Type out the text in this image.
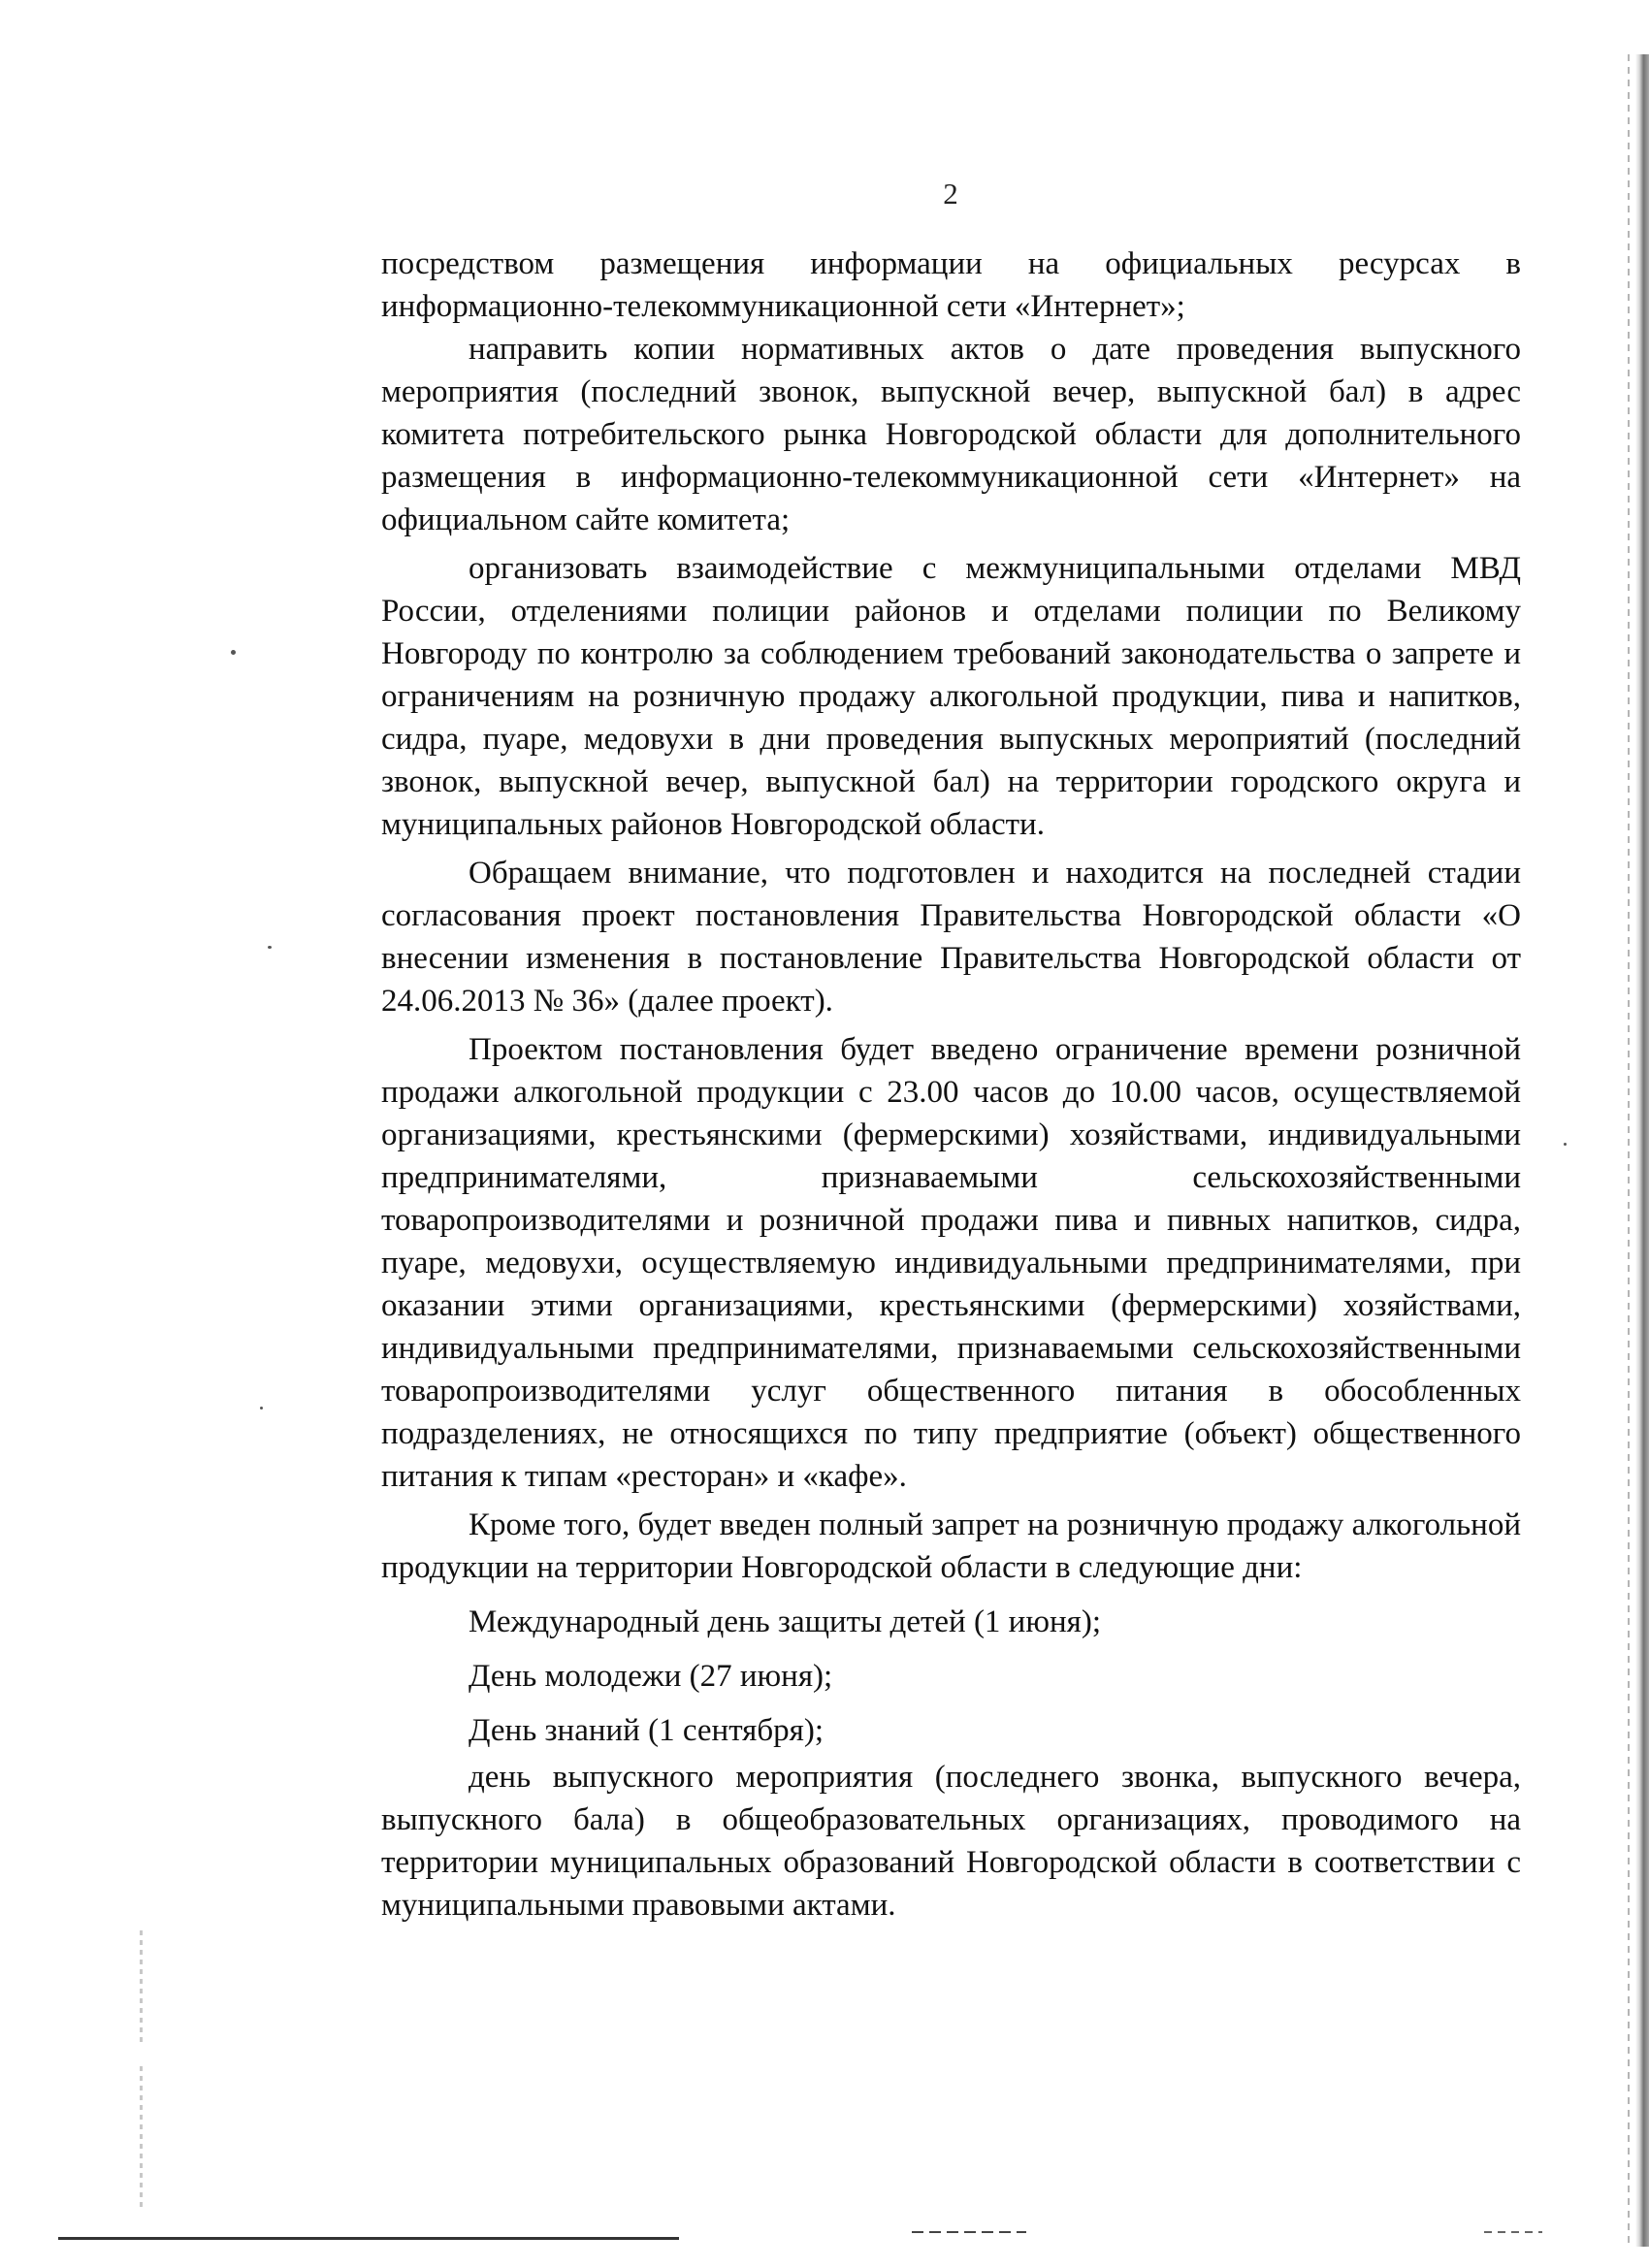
2

посредством размещения информации на официальных ресурсах в информационно-телекоммуникационной сети «Интернет»;

направить копии нормативных актов о дате проведения выпускного мероприятия (последний звонок, выпускной вечер, выпускной бал) в адрес комитета потребительского рынка Новгородской области для дополнительного размещения в информационно-телекоммуникационной сети «Интернет» на официальном сайте комитета;

организовать взаимодействие с межмуниципальными отделами МВД России, отделениями полиции районов и отделами полиции по Великому Новгороду по контролю за соблюдением требований законодательства о запрете и ограничениям на розничную продажу алкогольной продукции, пива и напитков, сидра, пуаре, медовухи в дни проведения выпускных мероприятий (последний звонок, выпускной вечер, выпускной бал) на территории городского округа и муниципальных районов Новгородской области.

Обращаем внимание, что подготовлен и находится на последней стадии согласования проект постановления Правительства Новгородской области «О внесении изменения в постановление Правительства Новгородской области от 24.06.2013 № 36» (далее проект).

Проектом постановления будет введено ограничение времени розничной продажи алкогольной продукции с 23.00 часов до 10.00 часов, осуществляемой организациями, крестьянскими (фермерскими) хозяйствами, индивидуальными предпринимателями, признаваемыми сельскохозяйственными товаропроизводителями и розничной продажи пива и пивных напитков, сидра, пуаре, медовухи, осуществляемую индивидуальными предпринимателями, при оказании этими организациями, крестьянскими (фермерскими) хозяйствами, индивидуальными предпринимателями, признаваемыми сельскохозяйственными товаропроизводителями услуг общественного питания в обособленных подразделениях, не относящихся по типу предприятие (объект) общественного питания к типам «ресторан» и «кафе».

Кроме того, будет введен полный запрет на розничную продажу алкогольной продукции на территории Новгородской области в следующие дни:

Международный день защиты детей (1 июня);

День молодежи (27 июня);

День знаний (1 сентября);

день выпускного мероприятия (последнего звонка, выпускного вечера, выпускного бала) в общеобразовательных организациях, проводимого на территории муниципальных образований Новгородской области в соответствии с муниципальными правовыми актами.
